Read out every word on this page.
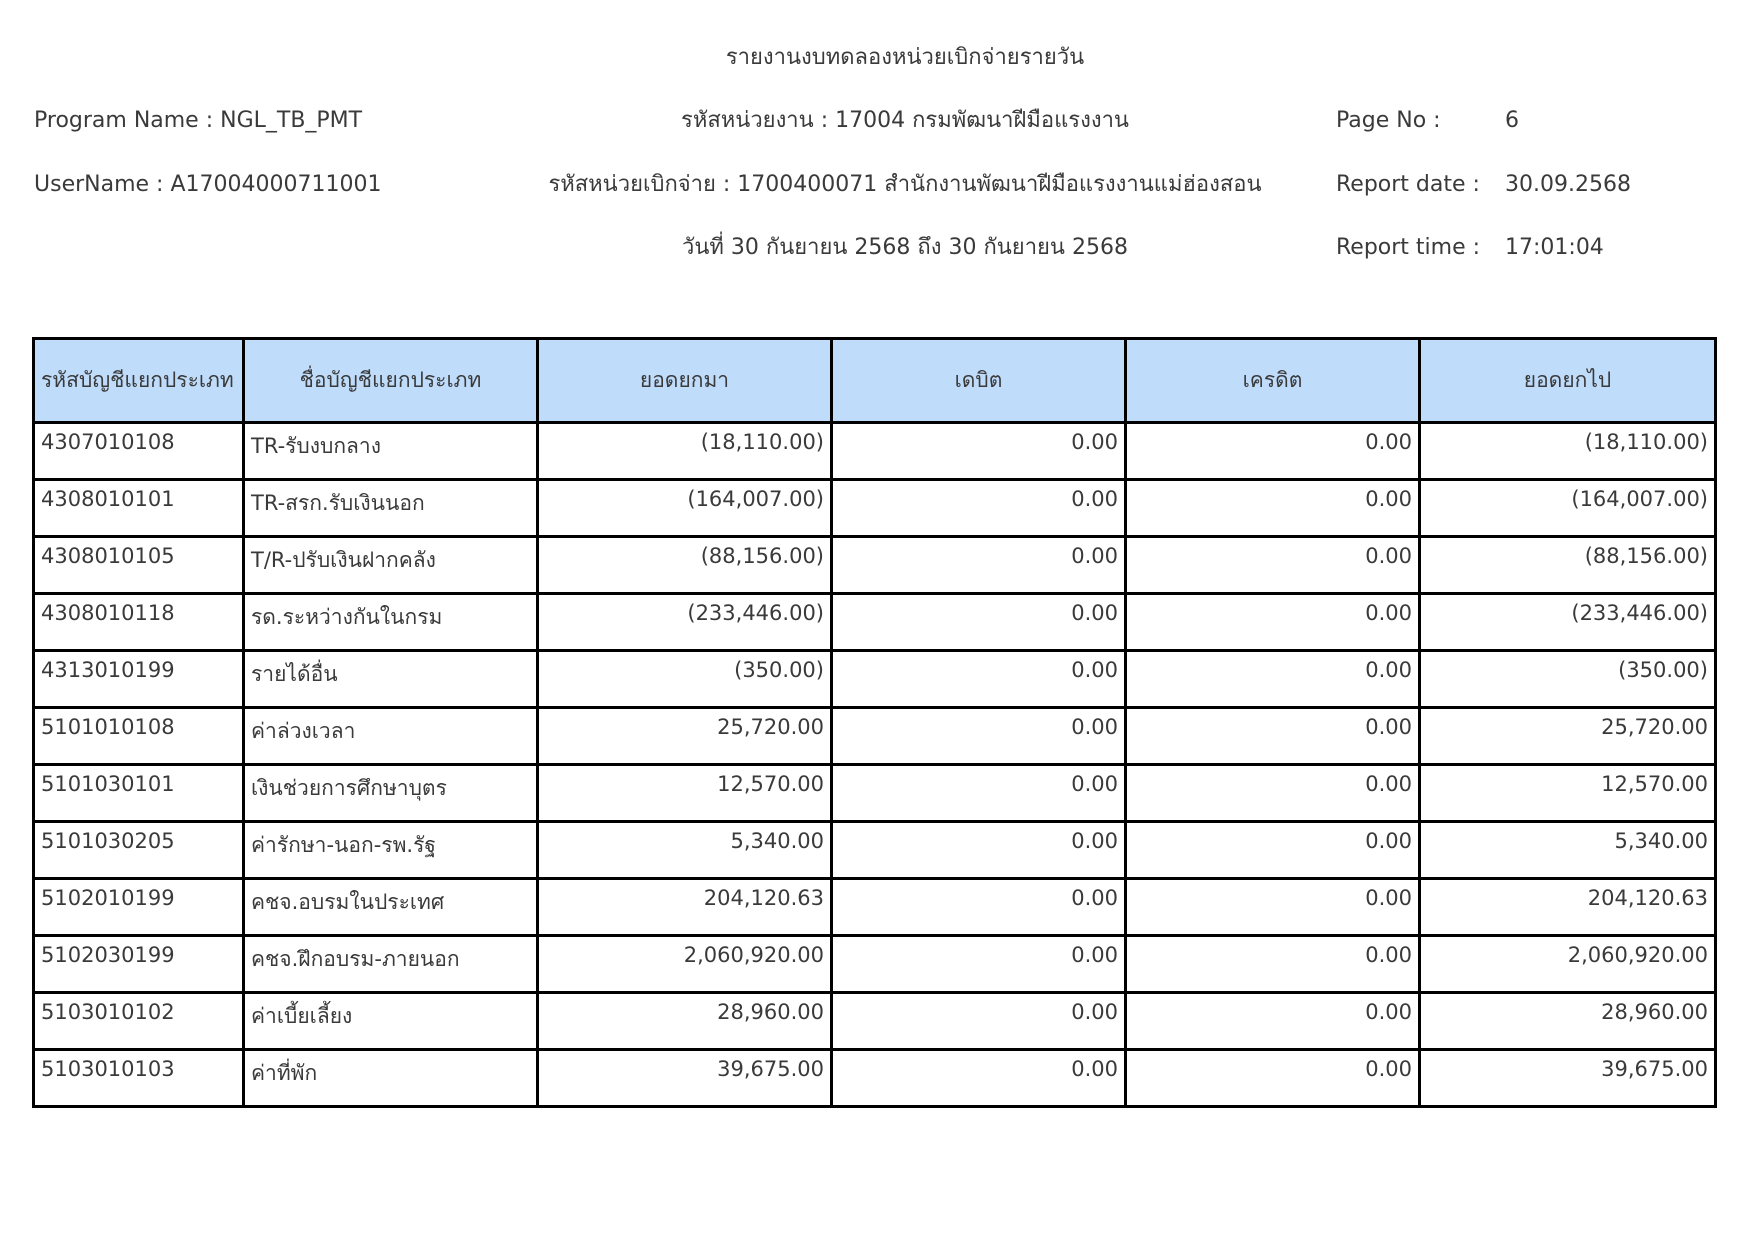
รายงานงบทดลองหน่วยเบิกจ่ายรายวัน
Program Name : NGL_TB_PMT	รหัสหน่วยงาน : 17004 กรมพัฒนาฝีมือแรงงาน	Page No :	6
UserName : A17004000711001	รหัสหน่วยเบิกจ่าย : 1700400071 สำนักงานพัฒนาฝีมือแรงงานแม่ฮ่องสอน	Report date : 30.09.2568
วันที่ 30 กันยายน 2568 ถึง 30 กันยายน 2568	Report time : 17:01:04
รหัสบัญชีแยกประเภท	ชื่อบัญชีแยกประเภท	ยอดยกมา	เดบิต	เครดิต	ยอดยกไป
4307010108	TR-รับงบกลาง	(18,110.00)	0.00	0.00	(18,110.00)
4308010101	TR-สรก.รับเงินนอก	(164,007.00)	0.00	0.00	(164,007.00)
4308010105	T/R-ปรับเงินฝากคลัง	(88,156.00)	0.00	0.00	(88,156.00)
4308010118	รด.ระหว่างกันในกรม	(233,446.00)	0.00	0.00	(233,446.00)
4313010199	รายได้อื่น	(350.00)	0.00	0.00	(350.00)
5101010108	ค่าล่วงเวลา	25,720.00	0.00	0.00	25,720.00
5101030101	เงินช่วยการศึกษาบุตร	12,570.00	0.00	0.00	12,570.00
5101030205	ค่ารักษา-นอก-รพ.รัฐ	5,340.00	0.00	0.00	5,340.00
5102010199	คชจ.อบรมในประเทศ	204,120.63	0.00	0.00	204,120.63
5102030199	คชจ.ฝึกอบรม-ภายนอก	2,060,920.00	0.00	0.00	2,060,920.00
5103010102	ค่าเบี้ยเลี้ยง	28,960.00	0.00	0.00	28,960.00
5103010103	ค่าที่พัก	39,675.00	0.00	0.00	39,675.00
